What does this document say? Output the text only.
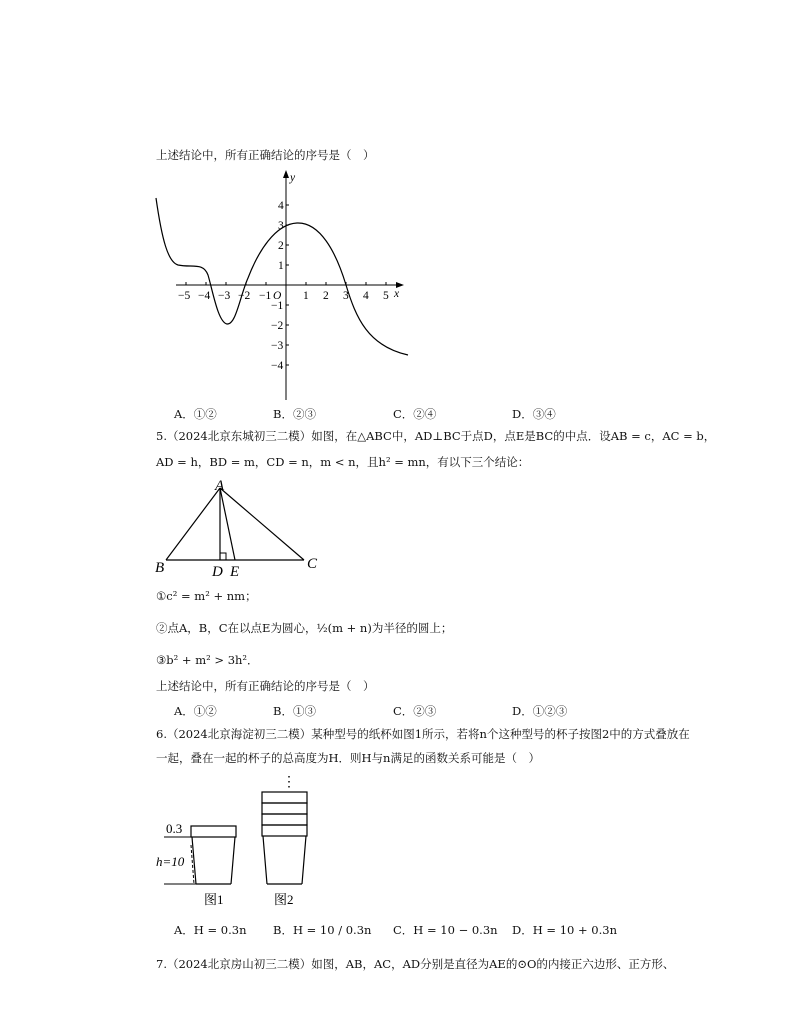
上述结论中，所有正确结论的序号是（　）
−5 −4 −3 −2 −1 O 1 2 3 4 5 x
y
4
3
2
1
−1
−2
−3
−4
A．①②	B．②③	C．②④	D．③④
5.（2024北京东城初三二模）如图，在△ABC中，AD⊥BC于点D，点E是BC的中点．设AB = c，AC = b，
AD = h，BD = m，CD = n，m < n，且h² = mn，有以下三个结论：
A
B	C
D E
①c² = m² + nm；
②点A，B，C在以点E为圆心，½(m + n)为半径的圆上；
③b² + m² > 3h²．
上述结论中，所有正确结论的序号是（　）
A．①②	B．①③	C．②③	D．①②③
6.（2024北京海淀初三二模）某种型号的纸杯如图1所示，若将n个这种型号的杯子按图2中的方式叠放在
一起，叠在一起的杯子的总高度为H．则H与n满足的函数关系可能是（　）
⋮
0.3
h=10
图1	图2
A．H = 0.3n B．H = 10 / 0.3n C．H = 10 − 0.3n D．H = 10 + 0.3n
7.（2024北京房山初三二模）如图，AB，AC，AD分别是直径为AE的⊙O的内接正六边形、正方形、
